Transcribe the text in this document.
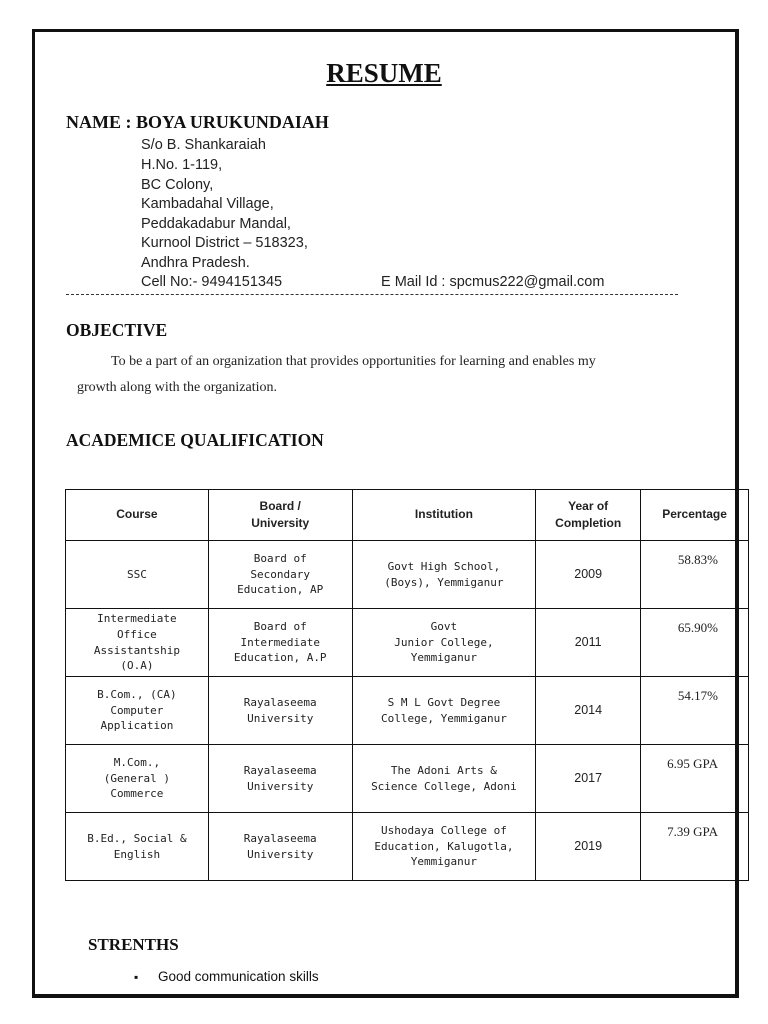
RESUME
NAME : BOYA URUKUNDAIAH
S/o B. Shankaraiah
H.No. 1-119,
BC Colony,
Kambadahal Village,
Peddakadabur Mandal,
Kurnool District – 518323,
Andhra Pradesh.
Cell No:- 9494151345	E Mail Id : spcmus222@gmail.com
OBJECTIVE
To be a part of an organization that provides opportunities for learning and enables my
growth along with the organization.
ACADEMICE QUALIFICATION
Course	Board /
University	Institution	Year of
Completion	Percentage
SSC	Board of
Secondary
Education, AP	Govt High School,
(Boys), Yemmiganur	2009	58.83%
Intermediate
Office
Assistantship
(O.A)	Board of
Intermediate
Education, A.P	Govt
Junior College,
Yemmiganur	2011	65.90%
B.Com., (CA)
Computer
Application	Rayalaseema
University	S M L Govt Degree
College, Yemmiganur	2014	54.17%
M.Com.,
(General )
Commerce	Rayalaseema
University	The Adoni Arts &
Science College, Adoni	2017	6.95 GPA
B.Ed., Social &
English	Rayalaseema
University	Ushodaya College of
Education, Kalugotla,
Yemmiganur	2019	7.39 GPA
STRENTHS
▪ Good communication skills
